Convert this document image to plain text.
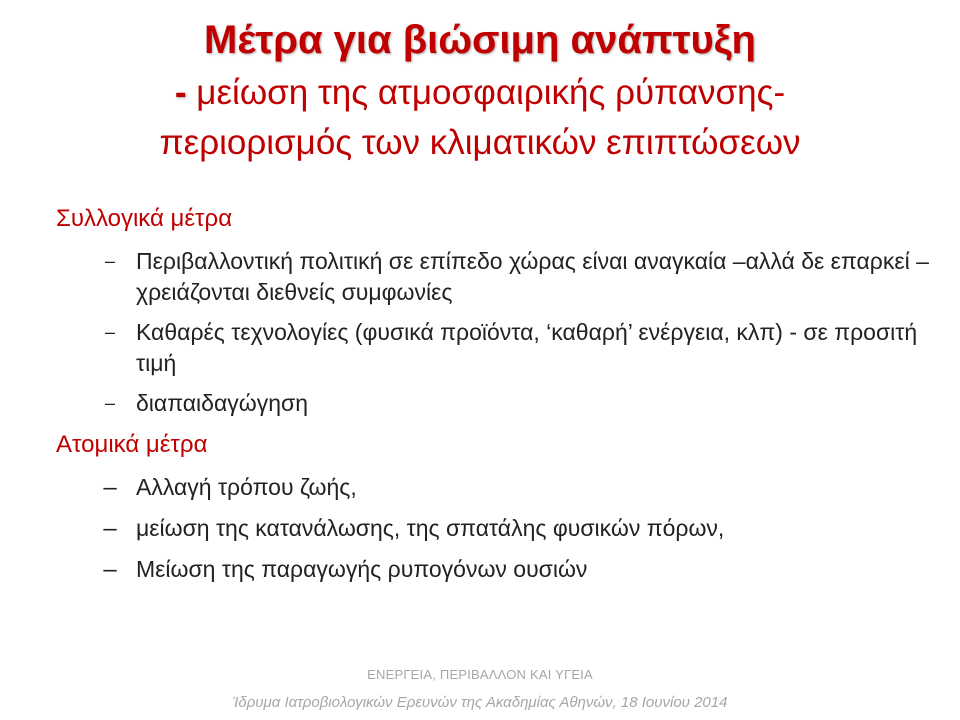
Μέτρα για βιώσιμη ανάπτυξη
- μείωση της ατμοσφαιρικής ρύπανσης-
περιορισμός των κλιματικών επιπτώσεων
Συλλογικά μέτρα
– Περιβαλλοντική πολιτική σε επίπεδο χώρας είναι αναγκαία –αλλά δε επαρκεί – χρειάζονται διεθνείς συμφωνίες
– Καθαρές τεχνολογίες (φυσικά προϊόντα, ‘καθαρή’ ενέργεια, κλπ) - σε προσιτή τιμή
– διαπαιδαγώγηση
Ατομικά μέτρα
– Αλλαγή τρόπου ζωής,
– μείωση της κατανάλωσης, της σπατάλης φυσικών πόρων,
– Μείωση της παραγωγής ρυπογόνων ουσιών
ΕΝΕΡΓΕΙΑ, ΠΕΡΙΒΑΛΛΟΝ ΚΑΙ ΥΓΕΙΑ
Ίδρυμα Ιατροβιολογικών Ερευνών της Ακαδημίας Αθηνών, 18 Ιουνίου 2014
